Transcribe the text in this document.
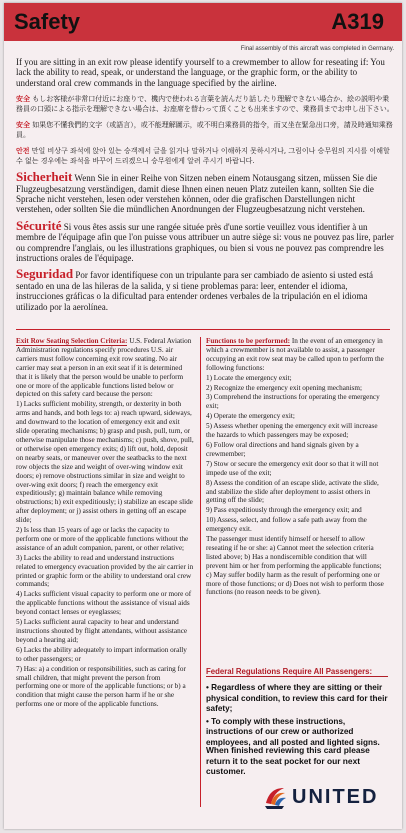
Safety	A319
Final assembly of this aircraft was completed in Germany.

If you are sitting in an exit row please identify yourself to a crewmember to allow for reseating if: You lack the ability to read, speak, or understand the language, or the graphic form, or the ability to understand oral crew commands in the language specified by the airline.

安全 もしお客様が非常口付近にお座りで、機内で使われる言葉を読んだり話したり理解できない場合か、絵の説明や乗務員の口頭による指示を理解できない場合は、お座席を替わって頂くことも出来ますので、乗務員までお申し出下さい。

安全 如果您不懂我們的文字（或語言），或不能理解圖示，或不明白乘務員的指令，而又坐在緊急出口旁，請及時通知乘務員。

안전 만일 비상구 좌석에 앉아 있는 승객께서 글을 읽거나 말하거나 이해하지 못하시거나, 그림이나 승무원의 지시를 이해할 수 없는 경우에는 좌석을 바꾸어 드리겠으니 승무원에게 알려 주시기 바랍니다.

Sicherheit Wenn Sie in einer Reihe von Sitzen neben einem Notausgang sitzen, müssen Sie die Flugzeugbesatzung verständigen, damit diese Ihnen einen neuen Platz zuteilen kann, sollten Sie die Sprache nicht verstehen, lesen oder verstehen können, oder die grafischen Darstellungen nicht verstehen, oder sollten Sie die mündlichen Anordnungen der Flugzeugbesatzung nicht verstehen.

Sécurité Si vous êtes assis sur une rangée située près d'une sortie veuillez vous identifier à un membre de l'équipage afin que l'on puisse vous attribuer un autre siège si: vous ne pouvez pas lire, parler ou comprendre l'anglais, ou les illustrations graphiques, ou bien si vous ne pouvez pas comprendre les instructions orales de l'équipage.

Seguridad Por favor identifíquese con un tripulante para ser cambiado de asiento si usted está sentado en una de las hileras de la salida, y si tiene problemas para: leer, entender el idioma, instrucciones gráficas o la dificultad para entender ordenes verbales de la tripulación en el idioma utilizado por la aerolínea.

Exit Row Seating Selection Criteria: U.S. Federal Aviation Administration regulations specify procedures U.S. air carriers must follow concerning exit row seating. No air carrier may seat a person in an exit seat if it is determined that it is likely that the person would be unable to perform one or more of the applicable functions listed below or depicted on this safety card because the person:

1) Lacks sufficient mobility, strength, or dexterity in both arms and hands, and both legs to: a) reach upward, sideways, and downward to the location of emergency exit and exit slide operating mechanisms; b) grasp and push, pull, turn, or otherwise manipulate those mechanisms; c) push, shove, pull, or otherwise open emergency exits; d) lift out, hold, deposit on nearby seats, or maneuver over the seatbacks to the next row objects the size and weight of over-wing window exit doors; e) remove obstructions similar in size and weight to over-wing exit doors; f) reach the emergency exit expeditiously; g) maintain balance while removing obstructions; h) exit expeditiously; i) stabilize an escape slide after deployment; or j) assist others in getting off an escape slide;

2) Is less than 15 years of age or lacks the capacity to perform one or more of the applicable functions without the assistance of an adult companion, parent, or other relative;

3) Lacks the ability to read and understand instructions related to emergency evacuation provided by the air carrier in printed or graphic form or the ability to understand oral crew commands;

4) Lacks sufficient visual capacity to perform one or more of the applicable functions without the assistance of visual aids beyond contact lenses or eyeglasses;

5) Lacks sufficient aural capacity to hear and understand instructions shouted by flight attendants, without assistance beyond a hearing aid;

6) Lacks the ability adequately to impart information orally to other passengers; or

7) Has: a) a condition or responsibilities, such as caring for small children, that might prevent the person from performing one or more of the applicable functions; or b) a condition that might cause the person harm if he or she performs one or more of the applicable functions.

Functions to be performed: In the event of an emergency in which a crewmember is not available to assist, a passenger occupying an exit row seat may be called upon to perform the following functions:

1) Locate the emergency exit;

2) Recognize the emergency exit opening mechanism;

3) Comprehend the instructions for operating the emergency exit;

4) Operate the emergency exit;

5) Assess whether opening the emergency exit will increase the hazards to which passengers may be exposed;

6) Follow oral directions and hand signals given by a crewmember;

7) Stow or secure the emergency exit door so that it will not impede use of the exit;

8) Assess the condition of an escape slide, activate the slide, and stabilize the slide after deployment to assist others in getting off the slide;

9) Pass expeditiously through the emergency exit; and

10) Assess, select, and follow a safe path away from the emergency exit.

The passenger must identify himself or herself to allow reseating if he or she: a) Cannot meet the selection criteria listed above; b) Has a nondiscernible condition that will prevent him or her from performing the applicable functions; c) May suffer bodily harm as the result of performing one or more of those functions; or d) Does not wish to perform those functions (no reason needs to be given).

Federal Regulations Require All Passengers:
• Regardless of where they are sitting or their physical condition, to review this card for their safety;
• To comply with these instructions, instructions of our crew or authorized employees, and all posted and lighted signs.
When finished reviewing this card please return it to the seat pocket for our next customer.
UNITED
